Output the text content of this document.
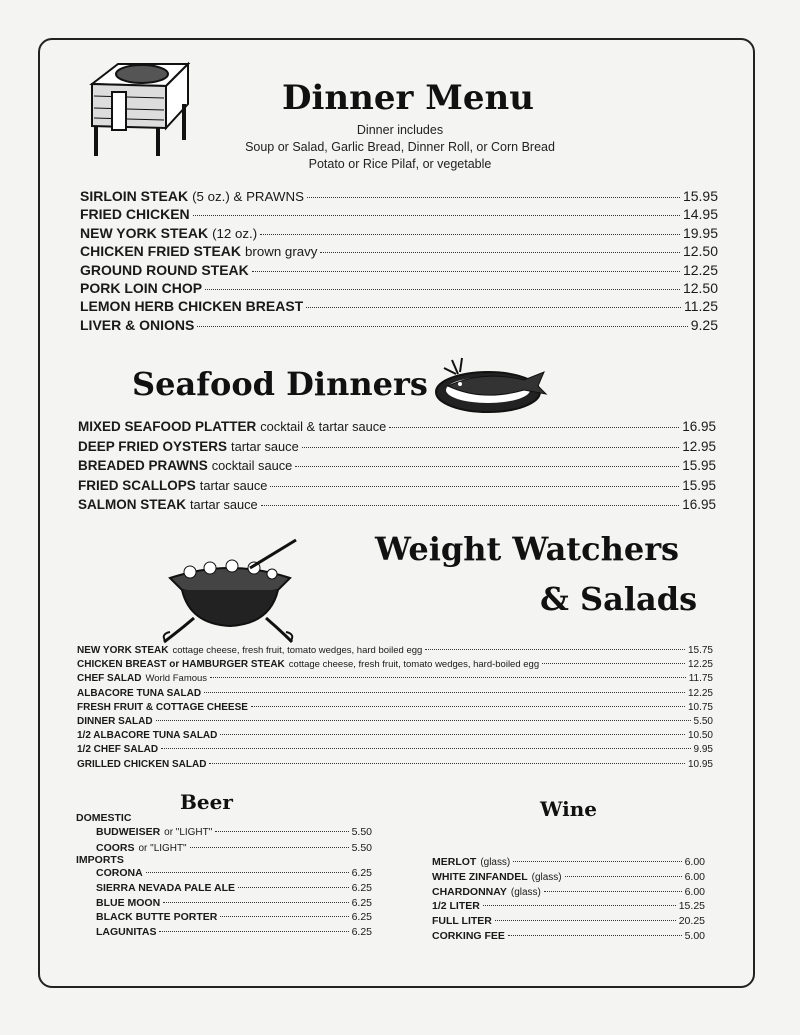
Dinner Menu
Dinner includes
Soup or Salad, Garlic Bread, Dinner Roll, or Corn Bread
Potato or Rice Pilaf, or vegetable
SIRLOIN STEAK (5 oz.) & PRAWNS	15.95
FRIED CHICKEN	14.95
NEW YORK STEAK (12 oz.)	19.95
CHICKEN FRIED STEAK brown gravy	12.50
GROUND ROUND STEAK	12.25
PORK LOIN CHOP	12.50
LEMON HERB CHICKEN BREAST	11.25
LIVER & ONIONS	9.25
Seafood Dinners
MIXED SEAFOOD PLATTER cocktail & tartar sauce	16.95
DEEP FRIED OYSTERS tartar sauce	12.95
BREADED PRAWNS cocktail sauce	15.95
FRIED SCALLOPS tartar sauce	15.95
SALMON STEAK tartar sauce	16.95
Weight Watchers
& Salads
NEW YORK STEAK cottage cheese, fresh fruit, tomato wedges, hard boiled egg	15.75
CHICKEN BREAST or HAMBURGER STEAK cottage cheese, fresh fruit, tomato wedges, hard-boiled egg	12.25
CHEF SALAD World Famous	11.75
ALBACORE TUNA SALAD	12.25
FRESH FRUIT & COTTAGE CHEESE	10.75
DINNER SALAD	5.50
1/2 ALBACORE TUNA SALAD	10.50
1/2 CHEF SALAD	9.95
GRILLED CHICKEN SALAD	10.95
Beer	Wine
DOMESTIC
IMPORTS
BUDWEISER or "LIGHT"	5.50
COORS or "LIGHT"	5.50
CORONA	6.25
SIERRA NEVADA PALE ALE	6.25
BLUE MOON	6.25
BLACK BUTTE PORTER	6.25
LAGUNITAS	6.25
MERLOT (glass)	6.00
WHITE ZINFANDEL (glass)	6.00
CHARDONNAY (glass)	6.00
1/2 LITER	15.25
FULL LITER	20.25
CORKING FEE	5.00
